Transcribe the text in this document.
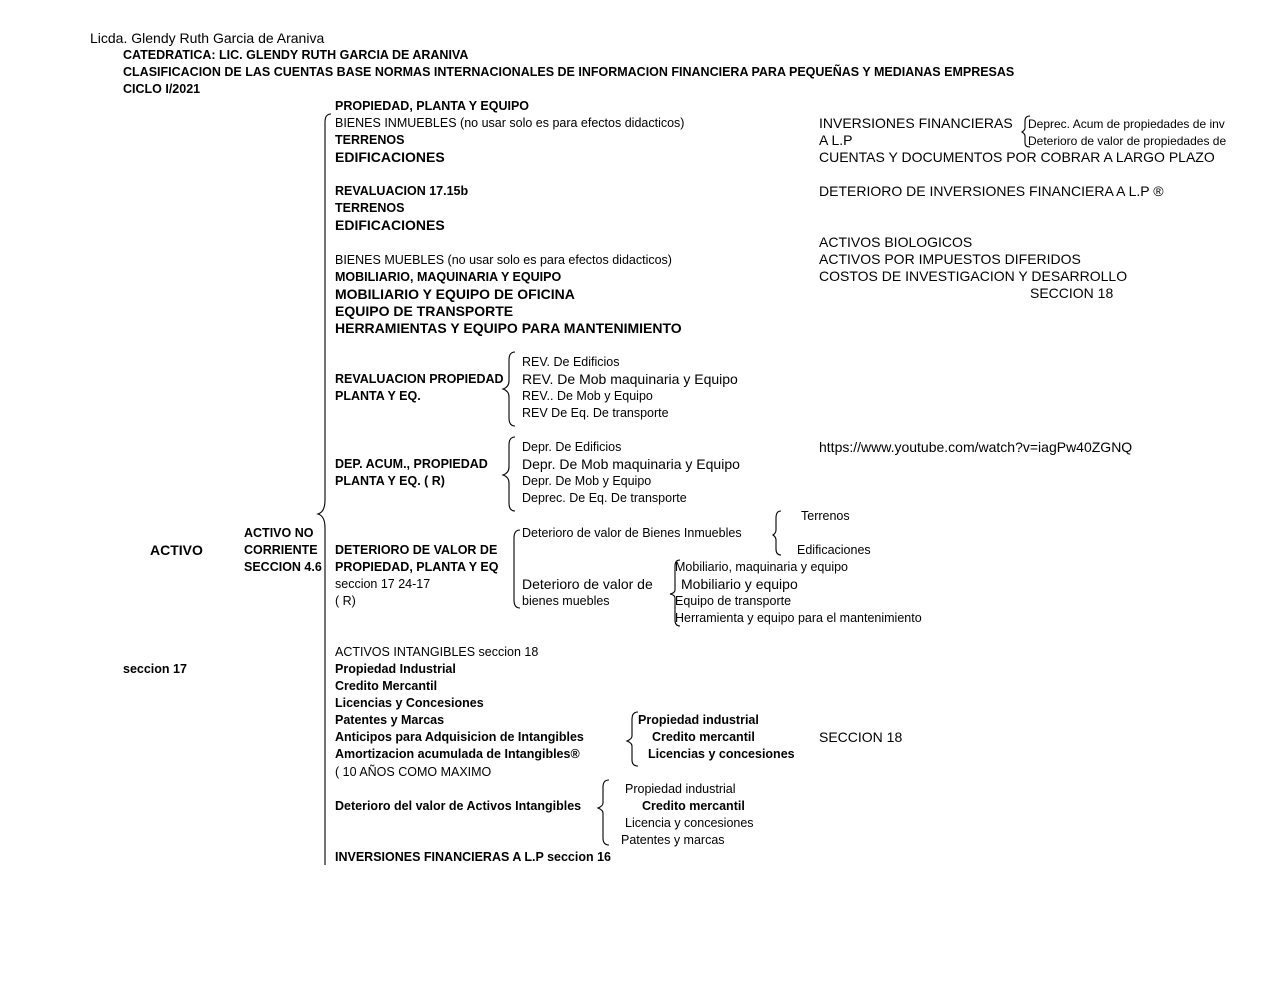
Licda. Glendy Ruth Garcia de Araniva
CATEDRATICA: LIC. GLENDY RUTH GARCIA DE ARANIVA
CLASIFICACION DE LAS CUENTAS BASE NORMAS INTERNACIONALES DE INFORMACION FINANCIERA PARA PEQUEÑAS Y MEDIANAS EMPRESAS
CICLO I/2021
ACTIVO
ACTIVO NO
CORRIENTE
SECCION 4.6
seccion 17
PROPIEDAD, PLANTA Y EQUIPO
BIENES INMUEBLES (no usar solo es para efectos didacticos)
TERRENOS
EDIFICACIONES
REVALUACION 17.15b
TERRENOS
EDIFICACIONES
BIENES MUEBLES (no usar solo es para efectos didacticos)
MOBILIARIO, MAQUINARIA Y EQUIPO
MOBILIARIO Y EQUIPO DE OFICINA
EQUIPO DE TRANSPORTE
HERRAMIENTAS Y EQUIPO PARA MANTENIMIENTO
REVALUACION PROPIEDAD
PLANTA Y EQ.
REV. De Edificios
REV. De Mob maquinaria y Equipo
REV.. De Mob y Equipo
REV De Eq. De transporte
DEP. ACUM., PROPIEDAD
PLANTA Y EQ. ( R)
Depr. De Edificios
Depr. De Mob maquinaria y Equipo
Depr. De Mob y Equipo
Deprec. De Eq. De transporte
DETERIORO DE VALOR DE
PROPIEDAD, PLANTA Y EQ
seccion 17 24-17
( R)
Deterioro de valor de Bienes Inmuebles
Terrenos
Edificaciones
Deterioro de valor de
bienes muebles
Mobiliario, maquinaria y equipo
Mobiliario y equipo
Equipo de transporte
Herramienta y equipo para el mantenimiento
ACTIVOS INTANGIBLES seccion 18
Propiedad Industrial
Credito Mercantil
Licencias y Concesiones
Patentes y Marcas
Anticipos para Adquisicion de Intangibles
Amortizacion acumulada de Intangibles®
( 10 AÑOS COMO MAXIMO
Propiedad industrial
Credito mercantil
Licencias y concesiones
SECCION 18
Deterioro del valor de Activos Intangibles
Propiedad industrial
Credito mercantil
Licencia y concesiones
Patentes y marcas
INVERSIONES FINANCIERAS A L.P seccion 16
INVERSIONES FINANCIERAS
A L.P
Deprec. Acum de propiedades de inv
Deterioro de valor de propiedades de
CUENTAS Y DOCUMENTOS POR COBRAR A LARGO PLAZO
DETERIORO DE INVERSIONES FINANCIERA A L.P ®
ACTIVOS BIOLOGICOS
ACTIVOS POR IMPUESTOS DIFERIDOS
COSTOS DE INVESTIGACION Y DESARROLLO
SECCION 18
https://www.youtube.com/watch?v=iagPw40ZGNQ
